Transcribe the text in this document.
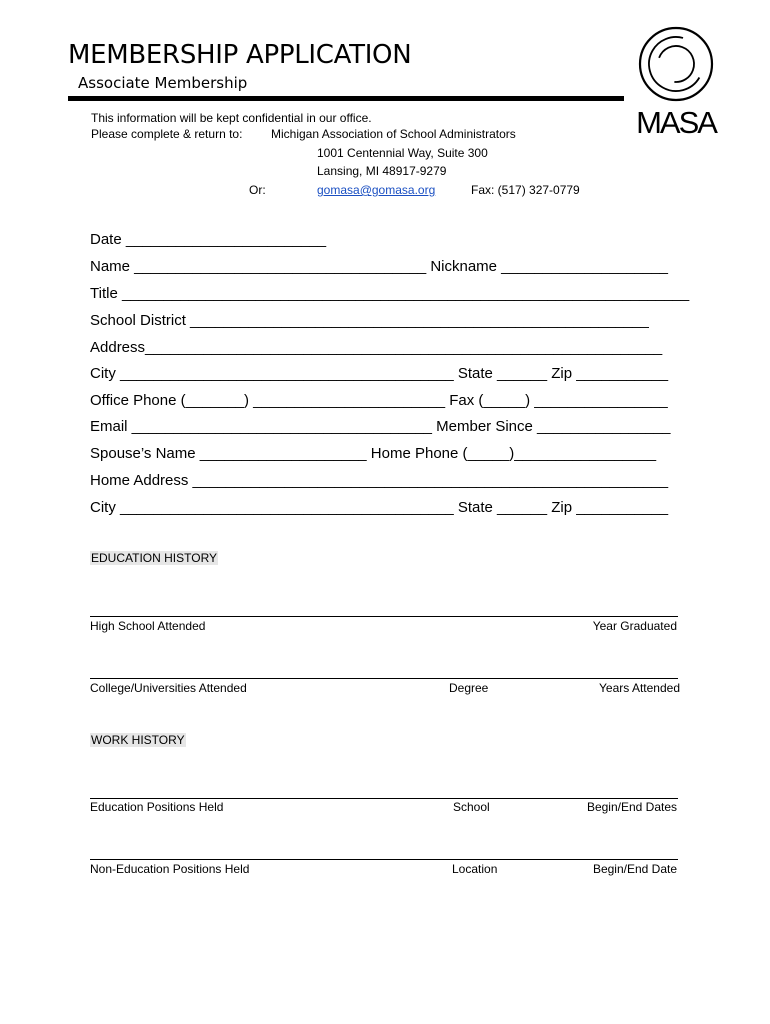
MEMBERSHIP APPLICATION
Associate Membership
MASA
This information will be kept confidential in our office.
Please complete & return to: Michigan Association of School Administrators
1001 Centennial Way, Suite 300
Lansing, MI 48917-9279
Or:	gomasa@gomasa.org	Fax: (517) 327-0779
Date ________________________
Name ___________________________________ Nickname ____________________
Title ____________________________________________________________________
School District _______________________________________________________
Address______________________________________________________________
City ________________________________________ State ______ Zip ___________
Office Phone (_______) _______________________ Fax (_____) ________________
Email ____________________________________ Member Since ________________
Spouse’s Name ____________________ Home Phone (_____)_________________
Home Address _________________________________________________________
City ________________________________________ State ______ Zip ___________
EDUCATION HISTORY
High School Attended	Year Graduated
College/Universities Attended	Degree	Years Attended
WORK HISTORY
Education Positions Held	School	Begin/End Dates
Non-Education Positions Held	Location	Begin/End Date
